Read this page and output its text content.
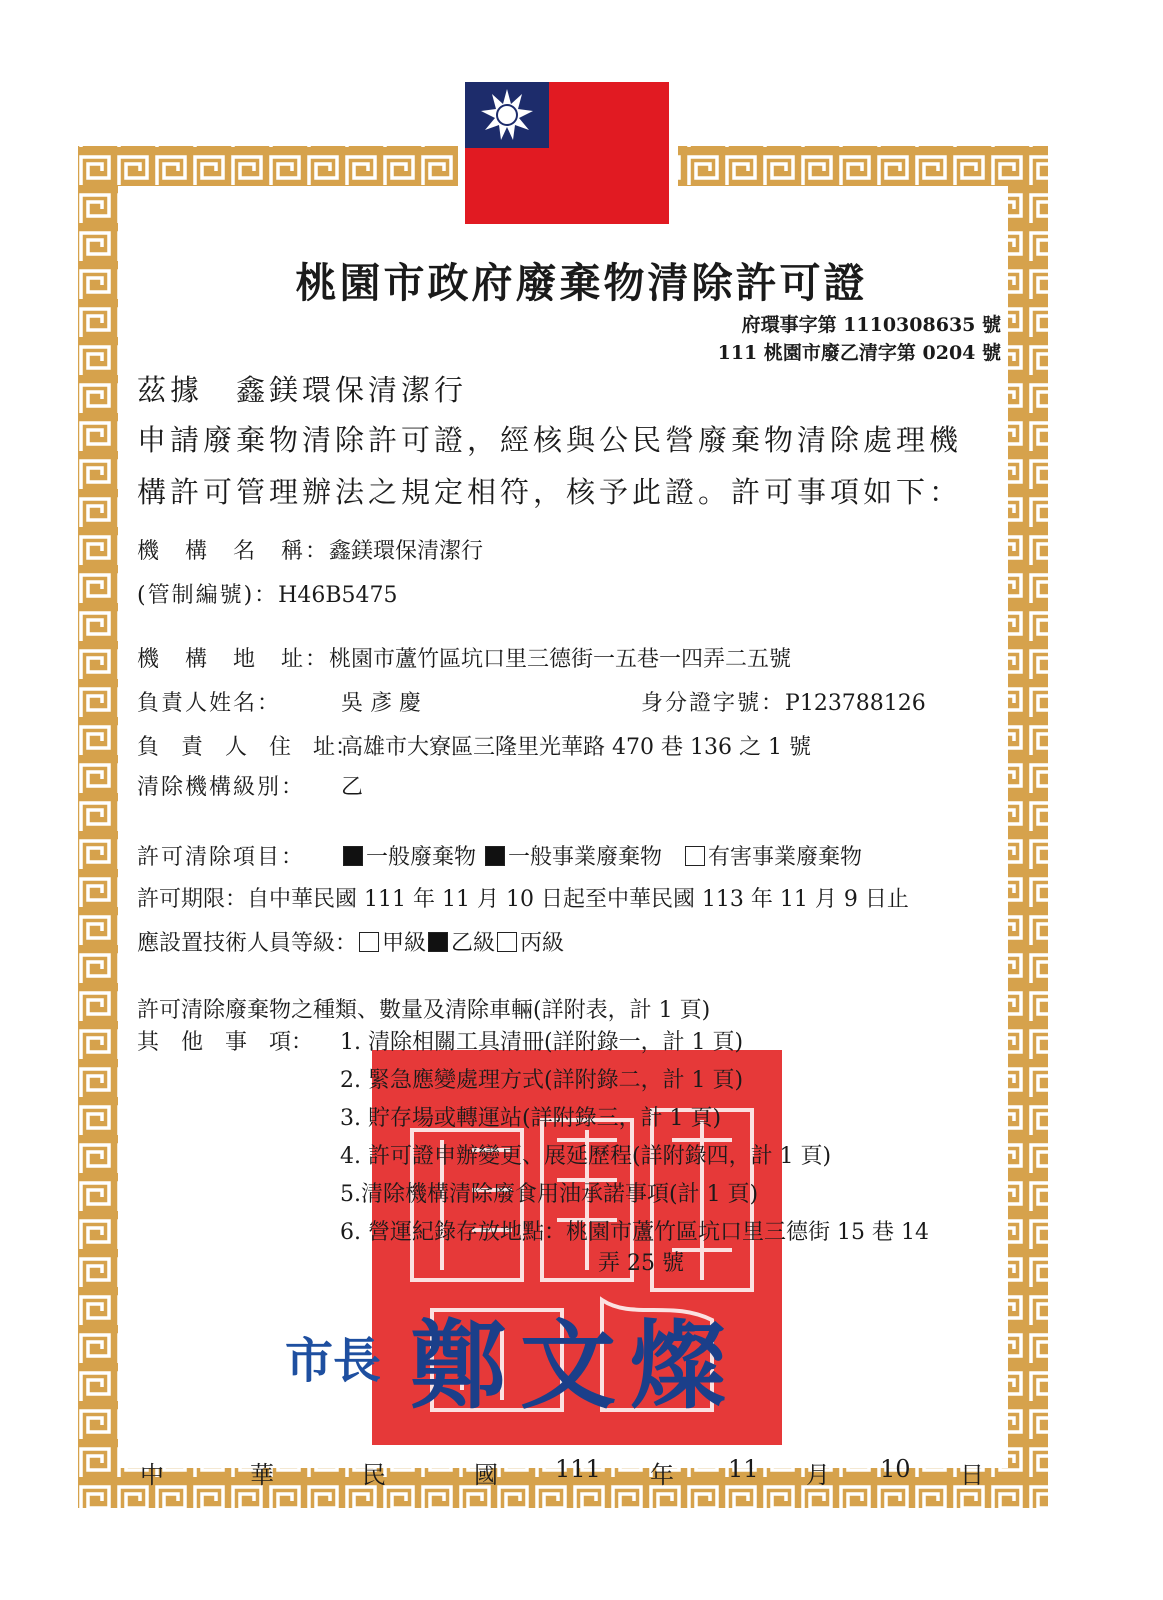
桃園市政府廢棄物清除許可證
府環事字第 1110308635 號
111 桃園市廢乙清字第 0204 號
茲據　鑫鎂環保清潔行
申請廢棄物清除許可證，經核與公民營廢棄物清除處理機
構許可管理辦法之規定相符，核予此證。許可事項如下：
機　構　名　稱：鑫鎂環保清潔行
(管制編號)：H46B5475
機　構　地　址：桃園市蘆竹區坑口里三德街一五巷一四弄二五號
負責人姓名：	吳 彥 慶	身分證字號：P123788126
負　責　人　住　址：高雄市大寮區三隆里光華路 470 巷 136 之 1 號
清除機構級別： 乙
許可清除項目：	一般廢棄物 一般事業廢棄物 有害事業廢棄物
許可期限：自中華民國 111 年 11 月 10 日起至中華民國 113 年 11 月 9 日止
應設置技術人員等級： 甲級 乙級 丙級
許可清除廢棄物之種類、數量及清除車輛(詳附表，計 1 頁)
其　他　事　項： 1. 清除相關工具清冊(詳附錄一，計 1 頁)
2. 緊急應變處理方式(詳附錄二，計 1 頁)
3. 貯存場或轉運站(詳附錄三，計 1 頁)
4. 許可證申辦變更、展延歷程(詳附錄四，計 1 頁)
5.清除機構清除廢食用油承諾事項(計 1 頁)
6. 營運紀錄存放地點：桃園市蘆竹區坑口里三德街 15 巷 14
弄 25 號
市長 鄭文燦
中	華	民	國 111 年 11 月 10 日
